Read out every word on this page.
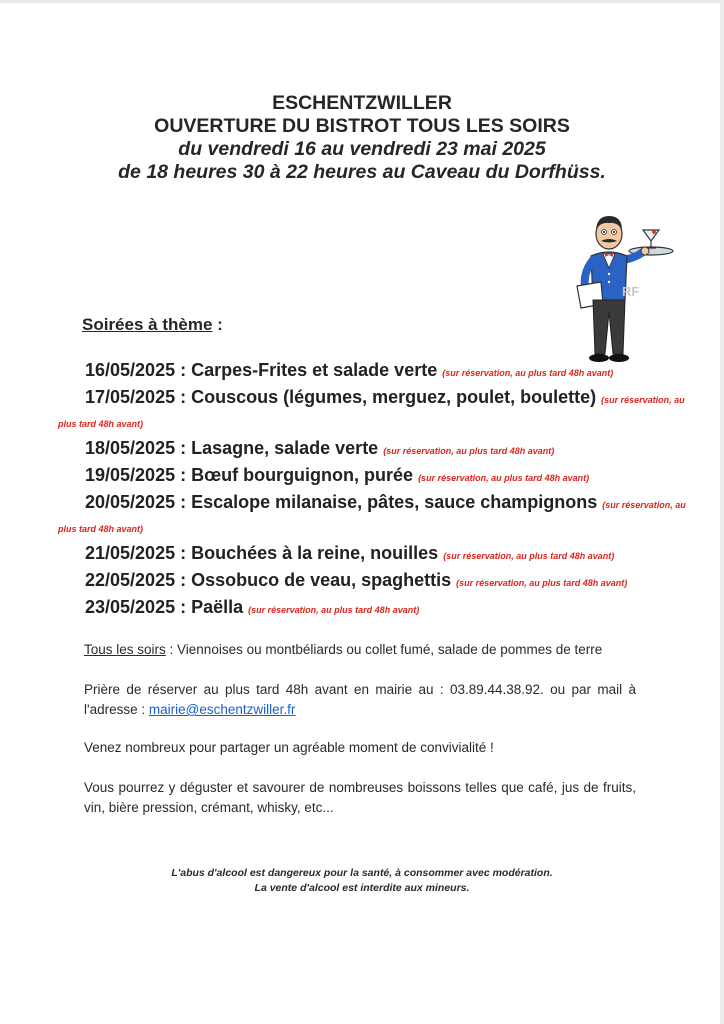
ESCHENTZWILLER
OUVERTURE DU BISTROT TOUS LES SOIRS
du vendredi 16 au vendredi 23 mai 2025
de 18 heures 30 à 22 heures au Caveau du Dorfhüss.
RF
Soirées à thème :
16/05/2025 : Carpes-Frites et salade verte (sur réservation, au plus tard 48h avant)
17/05/2025 : Couscous (légumes, merguez, poulet, boulette) (sur réservation, au plus tard 48h avant)
18/05/2025 : Lasagne, salade verte (sur réservation, au plus tard 48h avant)
19/05/2025 : Bœuf bourguignon, purée (sur réservation, au plus tard 48h avant)
20/05/2025 : Escalope milanaise, pâtes, sauce champignons (sur réservation, au plus tard 48h avant)
21/05/2025 : Bouchées à la reine, nouilles (sur réservation, au plus tard 48h avant)
22/05/2025 : Ossobuco de veau, spaghettis (sur réservation, au plus tard 48h avant)
23/05/2025 : Paëlla (sur réservation, au plus tard 48h avant)
Tous les soirs : Viennoises ou montbéliards ou collet fumé, salade de pommes de terre
Prière de réserver au plus tard 48h avant en mairie au : 03.89.44.38.92. ou par mail à l'adresse : mairie@eschentzwiller.fr
Venez nombreux pour partager un agréable moment de convivialité !
Vous pourrez y déguster et savourer de nombreuses boissons telles que café, jus de fruits, vin, bière pression, crémant, whisky, etc...
L'abus d'alcool est dangereux pour la santé, à consommer avec modération.
La vente d'alcool est interdite aux mineurs.
